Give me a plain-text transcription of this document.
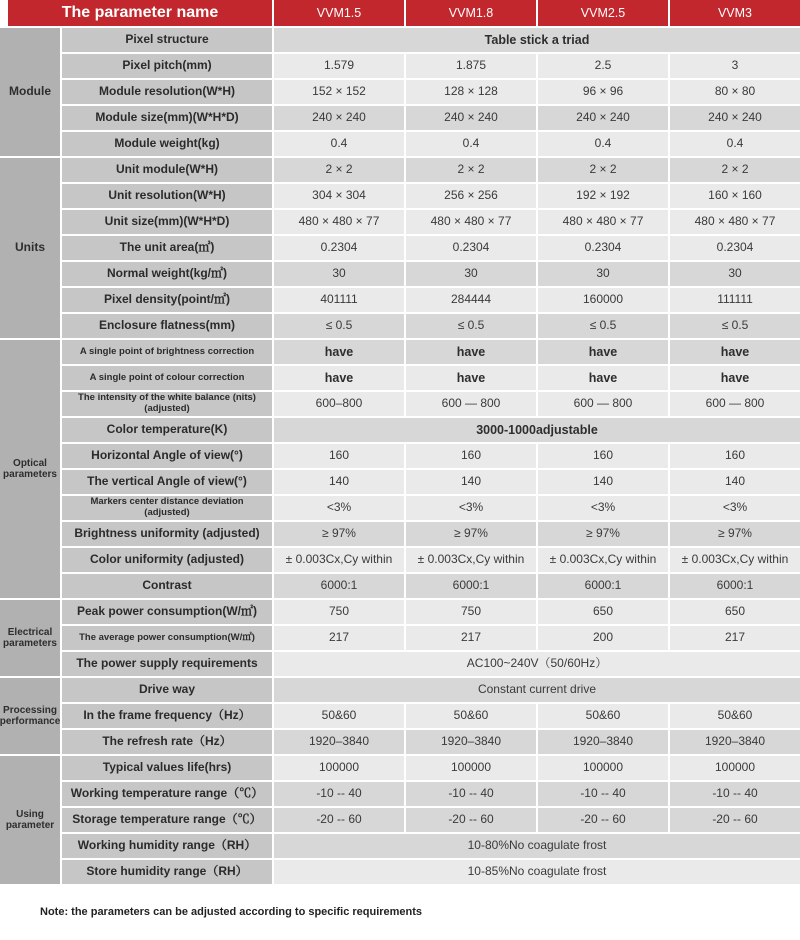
The parameter name	VVM1.5	VVM1.8	VVM2.5	VVM3
Module
Pixel structure	Table stick a triad
Pixel pitch(mm)	1.579	1.875	2.5	3
Module resolution(W*H)	152 × 152	128 × 128	96 × 96	80 × 80
Module size(mm)(W*H*D)	240 × 240	240 × 240	240 × 240	240 × 240
Module weight(kg)	0.4	0.4	0.4	0.4
Units
Unit module(W*H)	2 × 2	2 × 2	2 × 2	2 × 2
Unit resolution(W*H)	304 × 304	256 × 256	192 × 192	160 × 160
Unit size(mm)(W*H*D)	480 × 480 × 77	480 × 480 × 77	480 × 480 × 77	480 × 480 × 77
The unit area(㎡)	0.2304	0.2304	0.2304	0.2304
Normal weight(kg/㎡)	30	30	30	30
Pixel density(point/㎡)	401111	284444	160000	111111
Enclosure flatness(mm)	≤ 0.5	≤ 0.5	≤ 0.5	≤ 0.5
Optical parameters
A single point of brightness correction	have	have	have	have
A single point of colour correction	have	have	have	have
The intensity of the white balance (nits) (adjusted)	600–800	600 — 800	600 — 800	600 — 800
Color temperature(K)	3000-1000adjustable
Horizontal Angle of view(°)	160	160	160	160
The vertical Angle of view(°)	140	140	140	140
Markers center distance deviation (adjusted)	<3%	<3%	<3%	<3%
Brightness uniformity (adjusted)	≥ 97%	≥ 97%	≥ 97%	≥ 97%
Color uniformity (adjusted)	± 0.003Cx,Cy within	± 0.003Cx,Cy within	± 0.003Cx,Cy within	± 0.003Cx,Cy within
Contrast	6000:1	6000:1	6000:1	6000:1
Electrical parameters
Peak power consumption(W/㎡)	750	750	650	650
The average power consumption(W/㎡)	217	217	200	217
The power supply requirements	AC100~240V（50/60Hz）
Processing performance
Drive way	Constant current drive
In the frame frequency（Hz）	50&60	50&60	50&60	50&60
The refresh rate（Hz）	1920–3840	1920–3840	1920–3840	1920–3840
Using parameter
Typical values life(hrs)	100000	100000	100000	100000
Working temperature range（℃）	-10 -- 40	-10 -- 40	-10 -- 40	-10 -- 40
Storage temperature range（℃）	-20 -- 60	-20 -- 60	-20 -- 60	-20 -- 60
Working humidity range（RH）	10-80%No coagulate frost
Store humidity range（RH）	10-85%No coagulate frost

Note: the parameters can be adjusted according to specific requirements
